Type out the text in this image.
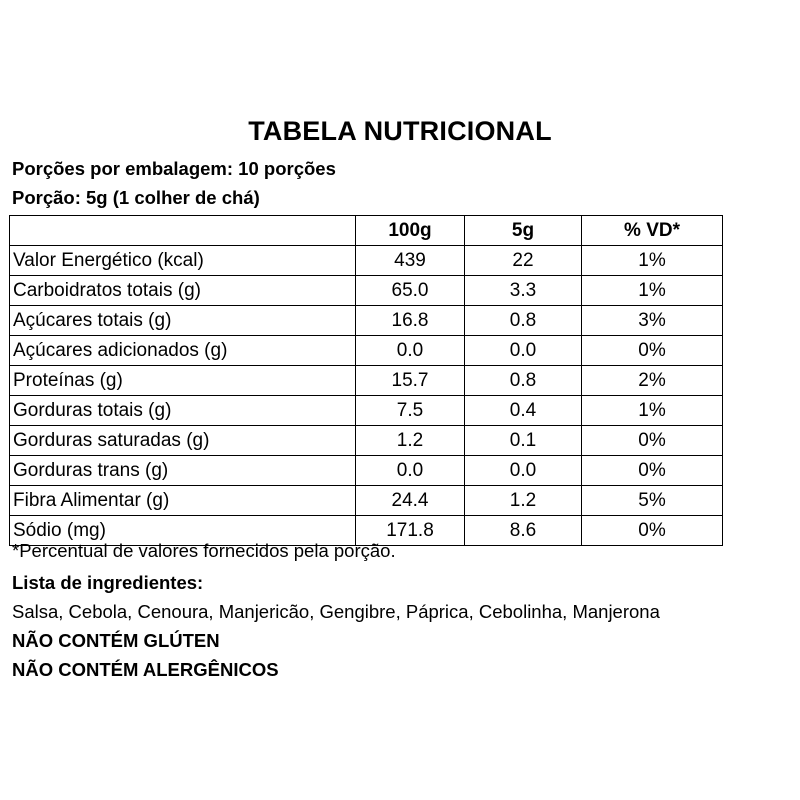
TABELA NUTRICIONAL
Porções por embalagem: 10 porções
Porção: 5g (1 colher de chá)
	100g	5g	% VD*
Valor Energético (kcal)	439	22	1%
Carboidratos totais (g)	65.0	3.3	1%
Açúcares totais (g)	16.8	0.8	3%
Açúcares adicionados (g)	0.0	0.0	0%
Proteínas (g)	15.7	0.8	2%
Gorduras totais (g)	7.5	0.4	1%
Gorduras saturadas (g)	1.2	0.1	0%
Gorduras trans (g)	0.0	0.0	0%
Fibra Alimentar (g)	24.4	1.2	5%
Sódio (mg)	171.8	8.6	0%
*Percentual de valores fornecidos pela porção.
Lista de ingredientes:
Salsa, Cebola, Cenoura, Manjericão, Gengibre, Páprica, Cebolinha, Manjerona
NÃO CONTÉM GLÚTEN
NÃO CONTÉM ALERGÊNICOS
